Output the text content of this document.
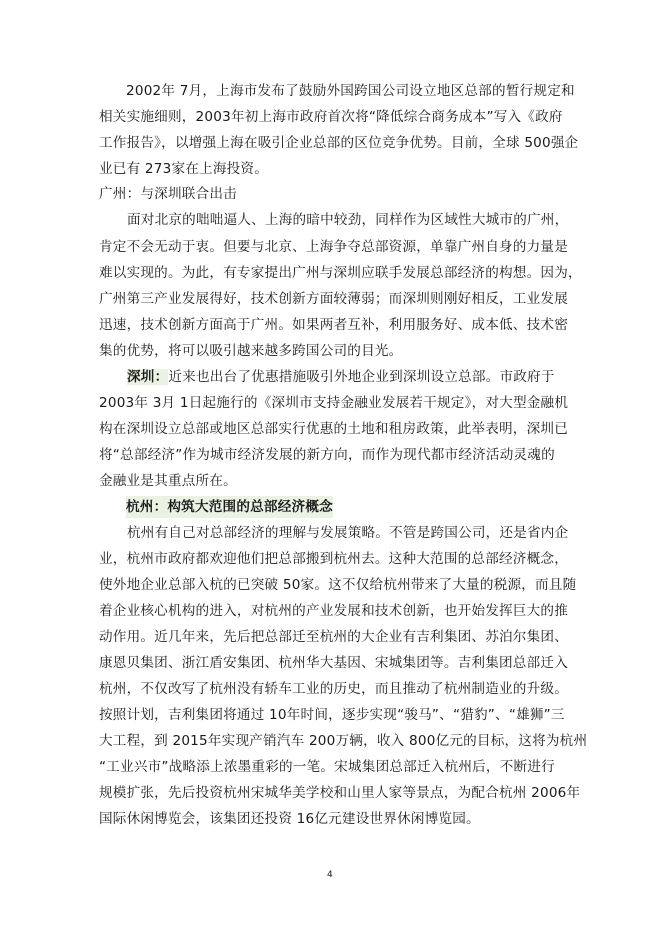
2002年 7月，上海市发布了鼓励外国跨国公司设立地区总部的暂行规定和
相关实施细则，2003年初上海市政府首次将“降低综合商务成本”写入《政府
工作报告》，以增强上海在吸引企业总部的区位竞争优势。目前，全球 500强企
业已有 273家在上海投资。
广州：与深圳联合出击
面对北京的咄咄逼人、上海的暗中较劲，同样作为区域性大城市的广州，
肯定不会无动于衷。但要与北京、上海争夺总部资源，单靠广州自身的力量是
难以实现的。为此，有专家提出广州与深圳应联手发展总部经济的构想。因为，
广州第三产业发展得好，技术创新方面较薄弱；而深圳则刚好相反，工业发展
迅速，技术创新方面高于广州。如果两者互补，利用服务好、成本低、技术密
集的优势，将可以吸引越来越多跨国公司的目光。
深圳：近来也出台了优惠措施吸引外地企业到深圳设立总部。市政府于
2003年 3月 1日起施行的《深圳市支持金融业发展若干规定》，对大型金融机
构在深圳设立总部或地区总部实行优惠的土地和租房政策，此举表明，深圳已
将“总部经济”作为城市经济发展的新方向，而作为现代都市经济活动灵魂的
金融业是其重点所在。
杭州：构筑大范围的总部经济概念
杭州有自己对总部经济的理解与发展策略。不管是跨国公司，还是省内企
业，杭州市政府都欢迎他们把总部搬到杭州去。这种大范围的总部经济概念，
使外地企业总部入杭的已突破 50家。这不仅给杭州带来了大量的税源，而且随
着企业核心机构的进入，对杭州的产业发展和技术创新，也开始发挥巨大的推
动作用。近几年来，先后把总部迁至杭州的大企业有吉利集团、苏泊尔集团、
康恩贝集团、浙江盾安集团、杭州华大基因、宋城集团等。吉利集团总部迁入
杭州，不仅改写了杭州没有轿车工业的历史，而且推动了杭州制造业的升级。
按照计划，吉利集团将通过 10年时间，逐步实现“骏马”、“猎豹”、“雄狮”三
大工程，到 2015年实现产销汽车 200万辆，收入 800亿元的目标，这将为杭州
“工业兴市”战略添上浓墨重彩的一笔。宋城集团总部迁入杭州后，不断进行
规模扩张，先后投资杭州宋城华美学校和山里人家等景点，为配合杭州 2006年
国际休闲博览会，该集团还投资 16亿元建设世界休闲博览园。
4
